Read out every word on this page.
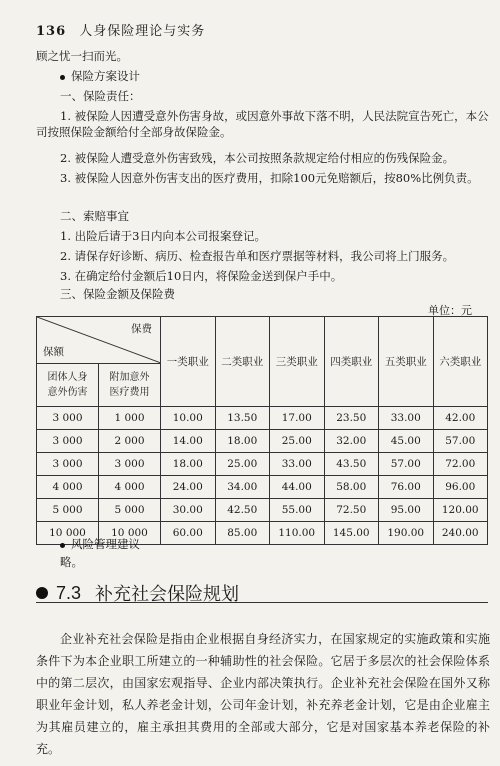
136 人身保险理论与实务
顾之忧一扫而光。
保险方案设计
一、保险责任：
1. 被保险人因遭受意外伤害身故，或因意外事故下落不明，人民法院宣告死亡，本公司按照保险金额给付全部身故保险金。
2. 被保险人遭受意外伤害致残，本公司按照条款规定给付相应的伤残保险金。
3. 被保险人因意外伤害支出的医疗费用，扣除100元免赔额后，按80%比例负责。
二、索赔事宜
1. 出险后请于3日内向本公司报案登记。
2. 请保存好诊断、病历、检查报告单和医疗票据等材料，我公司将上门服务。
3. 在确定给付金额后10日内，将保险金送到保户手中。
三、保险金额及保险费
单位：元
保费
保额		一类职业	二类职业	三类职业	四类职业	五类职业	六类职业
团体人身意外伤害	附加意外医疗费用						
3 000	1 000	10.00	13.50	17.00	23.50	33.00	42.00
3 000	2 000	14.00	18.00	25.00	32.00	45.00	57.00
3 000	3 000	18.00	25.00	33.00	43.50	57.00	72.00
4 000	4 000	24.00	34.00	44.00	58.00	76.00	96.00
5 000	5 000	30.00	42.50	55.00	72.50	95.00	120.00
10 000	10 000	60.00	85.00	110.00	145.00	190.00	240.00
风险管理建议
略。
7.3 补充社会保险规划
企业补充社会保险是指由企业根据自身经济实力，在国家规定的实施政策和实施条件下为本企业职工所建立的一种辅助性的社会保险。它居于多层次的社会保险体系中的第二层次，由国家宏观指导、企业内部决策执行。企业补充社会保险在国外又称职业年金计划，私人养老金计划，公司年金计划，补充养老金计划，它是由企业雇主为其雇员建立的，雇主承担其费用的全部或大部分，它是对国家基本养老保险的补充。
